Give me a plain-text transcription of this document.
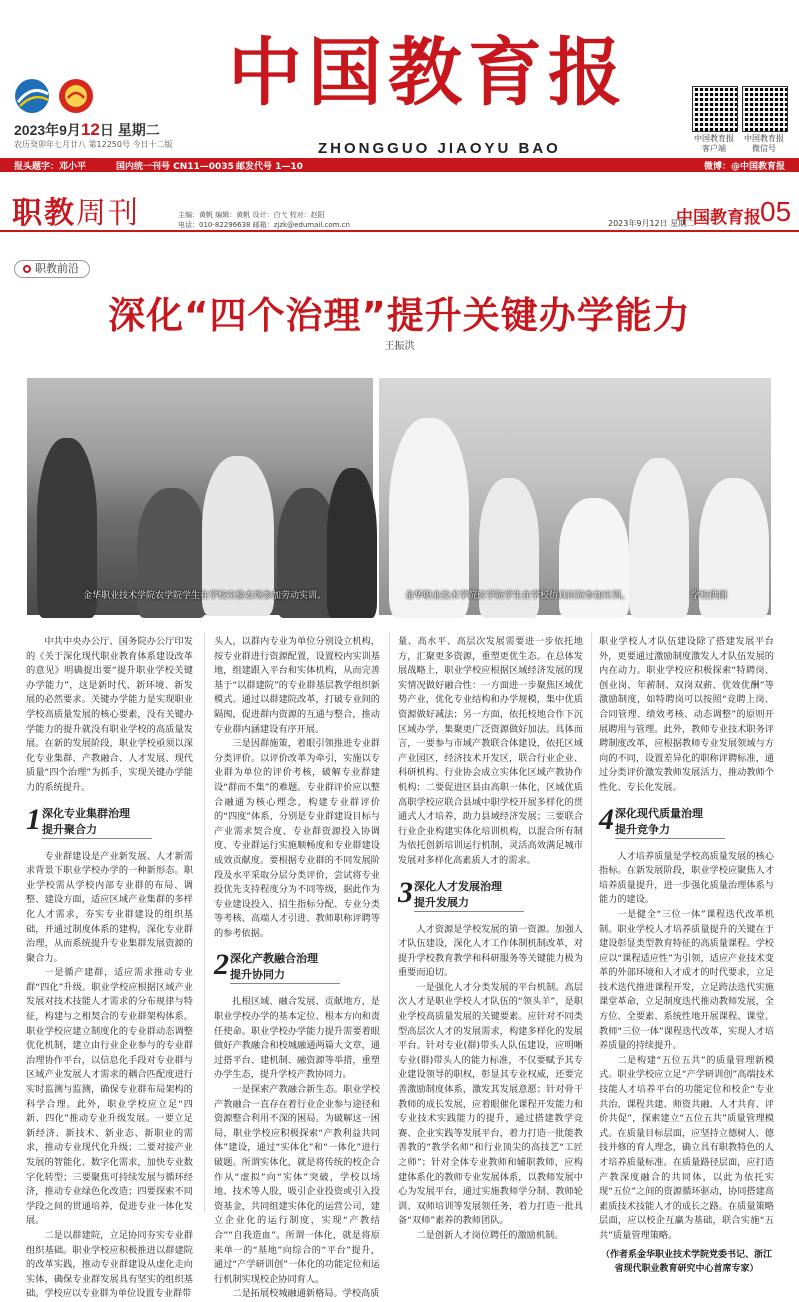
2023年9月12日 星期二
农历癸卯年七月廿八 第12250号 今日十二版
中国教育报
ZHONGGUO JIAOYU BAO
中国教育报
客户端
中国教育报
微信号
报头题字：邓小平	国内统一刊号 CN11—0035 邮发代号 1—10	微博：@中国教育报
职教周刊	主编：黄帆 编辑：黄帆 设计：白弋 校对：赵阳
电话：010-82296638 邮箱：zjzk@edumail.com.cn	中国教育报
2023年9月12日 星期二 05
职教前沿
深化“四个治理”提升关键办学能力
王振洪
金华职业技术学院农学院学生在学校实验农场参加劳动实训。	金华职业技术学院医学院学生在学校仿真医院参加实训。	学校供图

中共中央办公厅、国务院办公厅印发的《关于深化现代职业教育体系建设改革的意见》明确提出要“提升职业学校关键办学能力”，这是新时代、新环境、新发展的必然要求。关键办学能力是实现职业学校高质量发展的核心要素，没有关键办学能力的提升就没有职业学校的高质量发展。在新的发展阶段，职业学校亟须以深化专业集群、产教融合、人才发展、现代质量“四个治理”为抓手，实现关键办学能力的系统提升。

1 深化专业集群治理
提升聚合力

专业群建设是产业新发展、人才新需求背景下职业学校办学的一种新形态。职业学校需从学校内部专业群的布局、调整、建设方面，适应区域产业集群的多样化人才需求，夯实专业群建设的组织基础，并通过制度体系的建构，深化专业群治理，从而系统提升专业集群发展资源的聚合力。

一是循产建群，适应需求推动专业群“四化”升级。职业学校应根据区域产业发展对技术技能人才需求的分布规律与特征，构建与之相契合的专业群架构体系。职业学校应建立制度化的专业群动态调整优化机制，建立由行业企业参与的专业群治理协作平台，以信息化手段对专业群与区域产业发展人才需求的耦合匹配度进行实时监测与监测，确保专业群布局架构的科学合理。此外，职业学校应立足“四新、四化”推动专业升级发展。一要立足新经济、新技术、新业态、新职业的需求，推动专业现代化升级；二要对接产业发展的智能化、数字化需求，加快专业数字化转型；三要聚焦可持续发展与循环经济，推动专业绿色化改造；四要探索不同学段之间的贯通培养，促进专业一体化发展。

二是以群建院，立足协同夯实专业群组织基础。职业学校应积极推进以群建院的改革实践，推动专业群建设从虚化走向实体，确保专业群发展具有坚实的组织基础。学校应以专业群为单位设置专业群带

头人，以群内专业为单位分别设立机构，按专业群进行资源配置，设置校内实训基地，组建跟入平台和实体机构，从而完善基于“以群建院”的专业群基层教学组织新模式。通过以群建院改革，打破专业间的隔阂，促进群内资源的互通与整合，推动专业群内涵建设有序开展。

三是因群施策，着眼引领推进专业群分类评价。以评价改革为牵引，实施以专业群为单位的评价考核，破解专业群建设“群而不集”的难题。专业群评价应以整合融通为核心理念，构建专业群评价的“四度”体系，分别是专业群建设目标与产业需求契合度、专业群资源投入协调度、专业群运行实施顺畅度和专业群建设成效贡献度。要根据专业群的不同发展阶段及水平采取分层分类评价，尝试将专业投优先支持程度分为不同等级，据此作为专业建设投入、招生指标分配、专业分类等考核、高端人才引进、教师职称评聘等的参考依据。

2 深化产教融合治理
提升协同力

扎根区域、融合发展、贡献地方，是职业学校办学的基本定位、根本方向和责任使命。职业学校办学能力提升需要着眼做好产教融合和校城融通两篇大文章，通过搭平台、建机制、融资源等举措，重塑办学生态，提升学校产教协同力。

一是探索产教融合新生态。职业学校产教融合一直存在着行业企业参与途径和资源整合利用不深的困局。为破解这一困局，职业学校应积极探索“产教利益共同体”建设，通过“实体化”和“一体化”进行破题。所谓实体化，就是将传统的校企合作从“虚拟”向“实体”突破，学校以场地、技术等人股，吸引企业投资或引入投资基金，共同组建实体化的运营公司，建立企业化的运行制度，实现“产教结合”“自我造血”。所谓一体化，就是将原来单一的“基地”向综合的“平台”提升，通过“产学研训创”一体化的功能定位和运行机制实现校企协同育人。

二是拓展校城融通新格局。学校高质

量、高水平、高层次发展需要进一步依托地方，汇聚更多资源，重塑更优生态。在总体发展战略上，职业学校应根据区域经济发展的现实情况做好融合性：一方面进一步聚焦区域优势产业，优化专业结构和办学规模，集中优质资源做好减法；另一方面，依托校地合作下沉区域办学，集聚更广泛资源做好加法。具体而言，一要参与市域产教联合体建设，依托区域产业园区，经济技术开发区，联合行业企业、科研机构、行业协会成立实体化区域产教协作机构；二要促进区县由高职一体化，区域优质高职学校应联合县域中职学校开展多样化的贯通式人才培养，助力县域经济发展；三要联合行业企业构建实体化培训机构，以混合所有制为依托创新培训运行机制，灵活高效满足城市发展对多样化高素质人才的需求。

3 深化人才发展治理
提升发展力

人才资源是学校发展的第一资源。加强人才队伍建设，深化人才工作体制机制改革，对提升学校教育教学和科研服务等关键能力极为重要而迫切。

一是强化人才分类发展的平台机制。高层次人才是职业学校人才队伍的“领头羊”，是职业学校高质量发展的关键要素。应针对不同类型高层次人才的发展需求，构建多样化的发展平台。针对专业(群)带头人队伍建设，应明晰专业(群)带头人的能力标准，不仅要赋予其专业建设领导的职权，彰显其专业权威，还要完善激励制度体系，激发其发展意愿；针对骨干教师的成长发展，应着眼催化课程开发能力和专业技术实践能力的提升，通过搭建教学竞赛、企业实践等发展平台，着力打造一批能教善教的“教学名师”和行业顶尖的高技艺“工匠之师”；针对全体专业教师和辅职教师，应构建体系化的教师专业发展体系，以教师发展中心为发展平台，通过实施教师学分制、教师轮训、双师培训等发展领任务，着力打造一批具备“双师”素养的教师团队。

二是创新人才岗位聘任的激励机制。

职业学校人才队伍建设除了搭建发展平台外，更要通过激励制度激发人才队伍发展的内在动力。职业学校应积极探索“特聘岗、创业岗、年薪制、双岗双薪、优效优酬”等激励制度，如特聘岗可以按照“竞聘上岗、合同管理、绩效考核、动态调整”的原则开展聘用与管理。此外，教师专业技术职务评聘制度改革，应根据教师专业发展领域与方向的不同，设置差异化的职称评聘标准，通过分类评价激发教师发展活力，推动教师个性化、专长化发展。

4 深化现代质量治理
提升竞争力

人才培养质量是学校高质量发展的核心指标。在新发展阶段，职业学校应聚焦人才培养质量提升，进一步强化质量治理体系与能力的建设。

一是健全“三位一体”课程迭代改革机制。职业学校人才培养质量提升的关键在于建设彰显类型教育特征的高质量课程。学校应以“课程适应性”为引领，适应产业技术变革的外部环境和人才成才的时代要求，立足技术迭代推进课程开发，立足跨法迭代实施课堂革命，立足制度迭代推动教师发展，全方位、全要素、系统性地开展课程、课堂、教师“三位一体”课程迭代改革，实现人才培养质量的持续提升。

二是构建“五位五共”的质量管理新模式。职业学校应立足“产学研训创”高端技术技能人才培养平台的功能定位和校企“专业共治、课程共建、师资共融、人才共育、评价共促”，探索建立“五位五共”质量管理模式。在质量目标层面，应坚持立德树人、德技并修的育人理念，确立具有职教特色的人才培养质量标准。在质量路径层面，应打造产教深度融合的共同体，以此为依托实现“五位”之间的资源循环驱动，协同搭建高素质技术技能人才的成长之路。在质量策略层面，应以校企互赢为基础，联合实施“五共”质量管理策略。

（作者系金华职业技术学院党委书记、浙江省现代职业教育研究中心首席专家）
